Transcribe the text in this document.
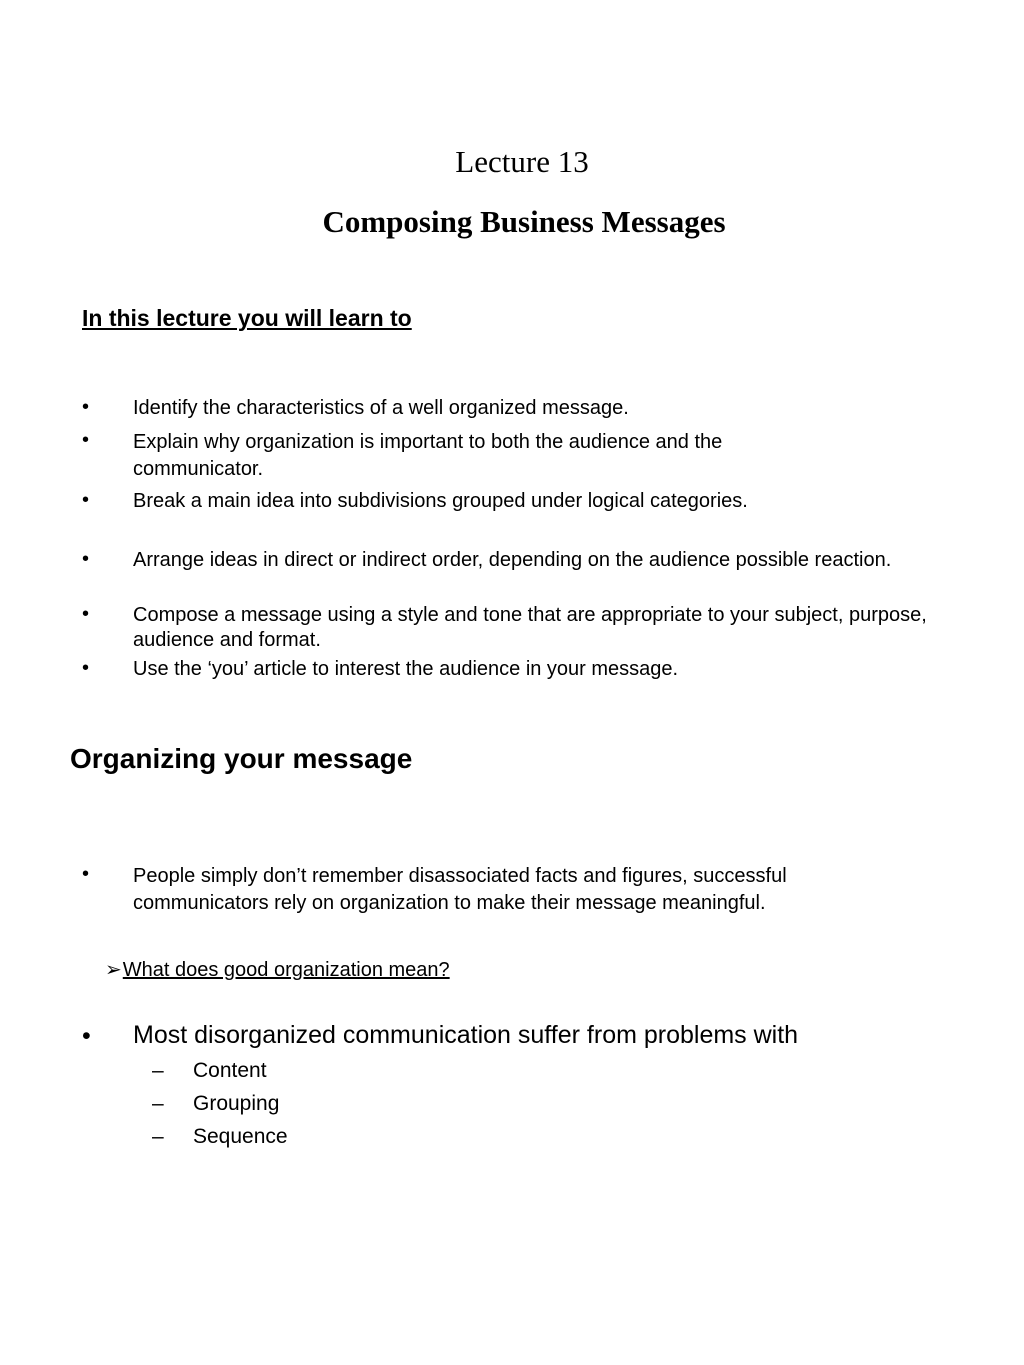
Lecture 13
Composing Business Messages
In this lecture you will learn to
• Identify the characteristics of a well organized message.
• Explain why organization is important to both the audience and the communicator.
• Break a main idea into subdivisions grouped under logical categories.
• Arrange ideas in direct or indirect order, depending on the audience possible reaction.
• Compose a message using a style and tone that are appropriate to your subject, purpose, audience and format.
• Use the ‘you’ article to interest the audience in your message.
Organizing your message
• People simply don’t remember disassociated facts and figures, successful communicators rely on organization to make their message meaningful.
➢What does good organization mean?
• Most disorganized communication suffer from problems with
– Content
– Grouping
– Sequence
